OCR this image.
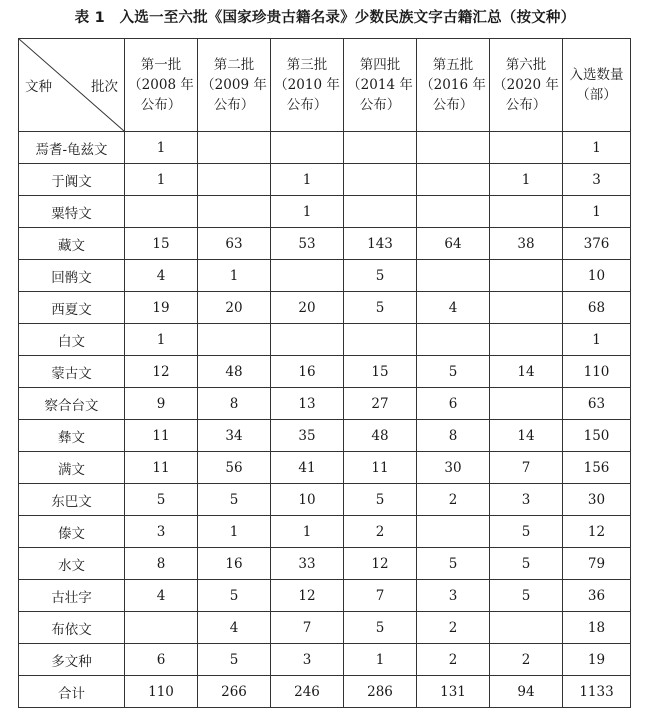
表 1　入选一至六批《国家珍贵古籍名录》少数民族文字古籍汇总（按文种）
文种 批次	第一批
（2008 年
公布）	第二批
（2009 年
公布）	第三批
（2010 年
公布）	第四批
（2014 年
公布）	第五批
（2016 年
公布）	第六批
（2020 年
公布）	入选数量
（部）

焉耆-龟兹文	1						1
于阗文	1		1			1	3
粟特文			1				1
藏文	15	63	53	143	64	38	376
回鹘文	4	1		5			10
西夏文	19	20	20	5	4		68
白文	1						1
蒙古文	12	48	16	15	5	14	110
察合台文	9	8	13	27	6		63
彝文	11	34	35	48	8	14	150
满文	11	56	41	11	30	7	156
东巴文	5	5	10	5	2	3	30
傣文	3	1	1	2		5	12
水文	8	16	33	12	5	5	79
古壮字	4	5	12	7	3	5	36
布依文		4	7	5	2		18
多文种	6	5	3	1	2	2	19
合计	110	266	246	286	131	94	1133
